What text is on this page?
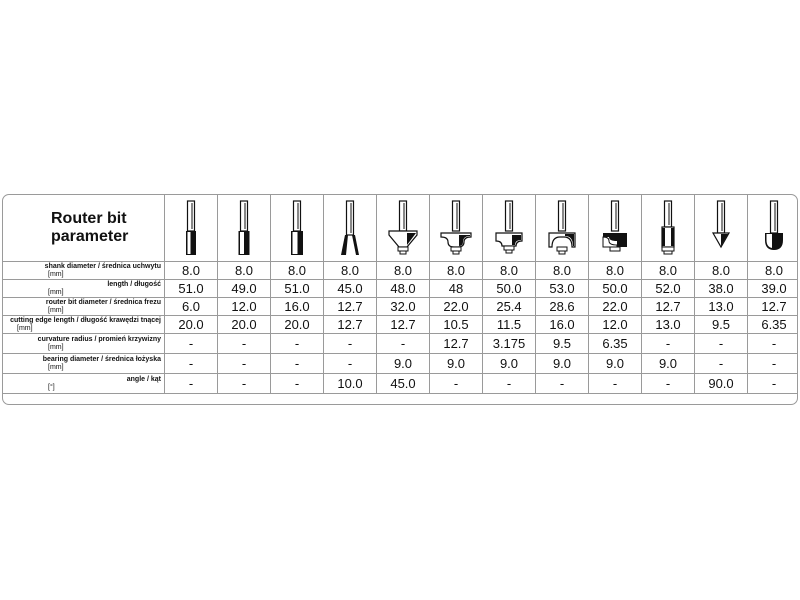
Router bit
parameter	

shank diameter / średnica uchwytu
[mm]	8.0	8.0	8.0	8.0	8.0	8.0	8.0	8.0	8.0	8.0	8.0	8.0
length / długość
[mm]	51.0	49.0	51.0	45.0	48.0	48	50.0	53.0	50.0	52.0	38.0	39.0
router bit diameter / średnica frezu
[mm]	6.0	12.0	16.0	12.7	32.0	22.0	25.4	28.6	22.0	12.7	13.0	12.7
cutting edge length / długość krawędzi tnącej
[mm]	20.0	20.0	20.0	12.7	12.7	10.5	11.5	16.0	12.0	13.0	9.5	6.35
curvature radius / promień krzywizny
[mm]	-	-	-	-	-	12.7	3.175	9.5	6.35	-	-	-
bearing diameter / średnica łożyska
[mm]	-	-	-	-	9.0	9.0	9.0	9.0	9.0	9.0	-	-
angle / kąt
[°]	-	-	-	10.0	45.0	-	-	-	-	-	90.0	-
